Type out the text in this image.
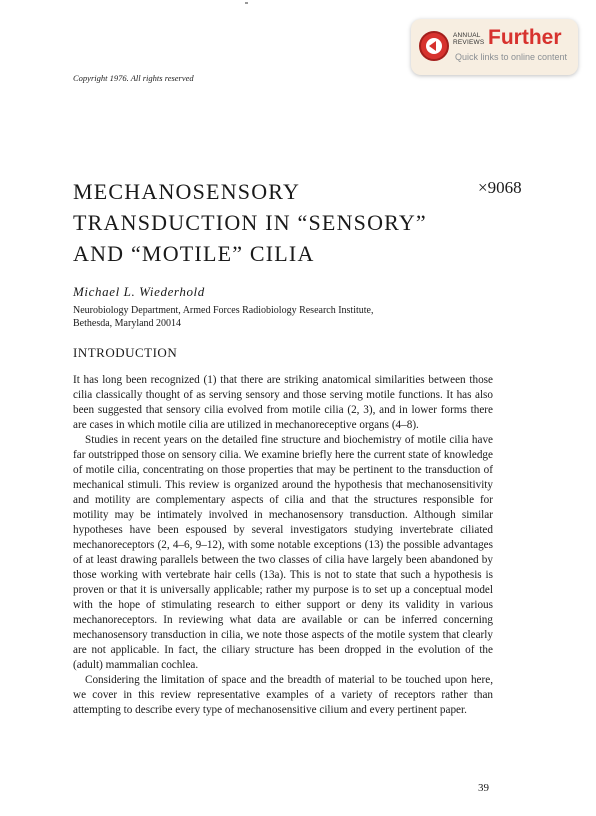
ANNUAL
REVIEWS Further
Quick links to online content
Copyright 1976. All rights reserved
MECHANOSENSORY
TRANSDUCTION IN “SENSORY”
AND “MOTILE” CILIA
×9068
Michael L. Wiederhold
Neurobiology Department, Armed Forces Radiobiology Research Institute,
Bethesda, Maryland 20014
INTRODUCTION

It has long been recognized (1) that there are striking anatomical similarities between those cilia classically thought of as serving sensory and those serving motile functions. It has also been suggested that sensory cilia evolved from motile cilia (2, 3), and in lower forms there are cases in which motile cilia are utilized in mechanoreceptive organs (4–8).

Studies in recent years on the detailed fine structure and biochemistry of motile cilia have far outstripped those on sensory cilia. We examine briefly here the current state of knowledge of motile cilia, concentrating on those properties that may be pertinent to the transduction of mechanical stimuli. This review is organized around the hypothesis that mechanosensitivity and motility are complementary aspects of cilia and that the structures responsible for motility may be intimately involved in mechanosensory transduction. Although similar hypotheses have been espoused by several investigators studying invertebrate ciliated mechanoreceptors (2, 4–6, 9–12), with some notable exceptions (13) the possible advantages of at least drawing parallels between the two classes of cilia have largely been abandoned by those working with vertebrate hair cells (13a). This is not to state that such a hypothesis is proven or that it is universally applicable; rather my purpose is to set up a conceptual model with the hope of stimulating research to either support or deny its validity in various mechanoreceptors. In reviewing what data are available or can be inferred concerning mechanosensory transduction in cilia, we note those aspects of the motile system that clearly are not applicable. In fact, the ciliary structure has been dropped in the evolution of the (adult) mammalian cochlea.

Considering the limitation of space and the breadth of material to be touched upon here, we cover in this review representative examples of a variety of receptors rather than attempting to describe every type of mechanosensitive cilium and every pertinent paper.

39
